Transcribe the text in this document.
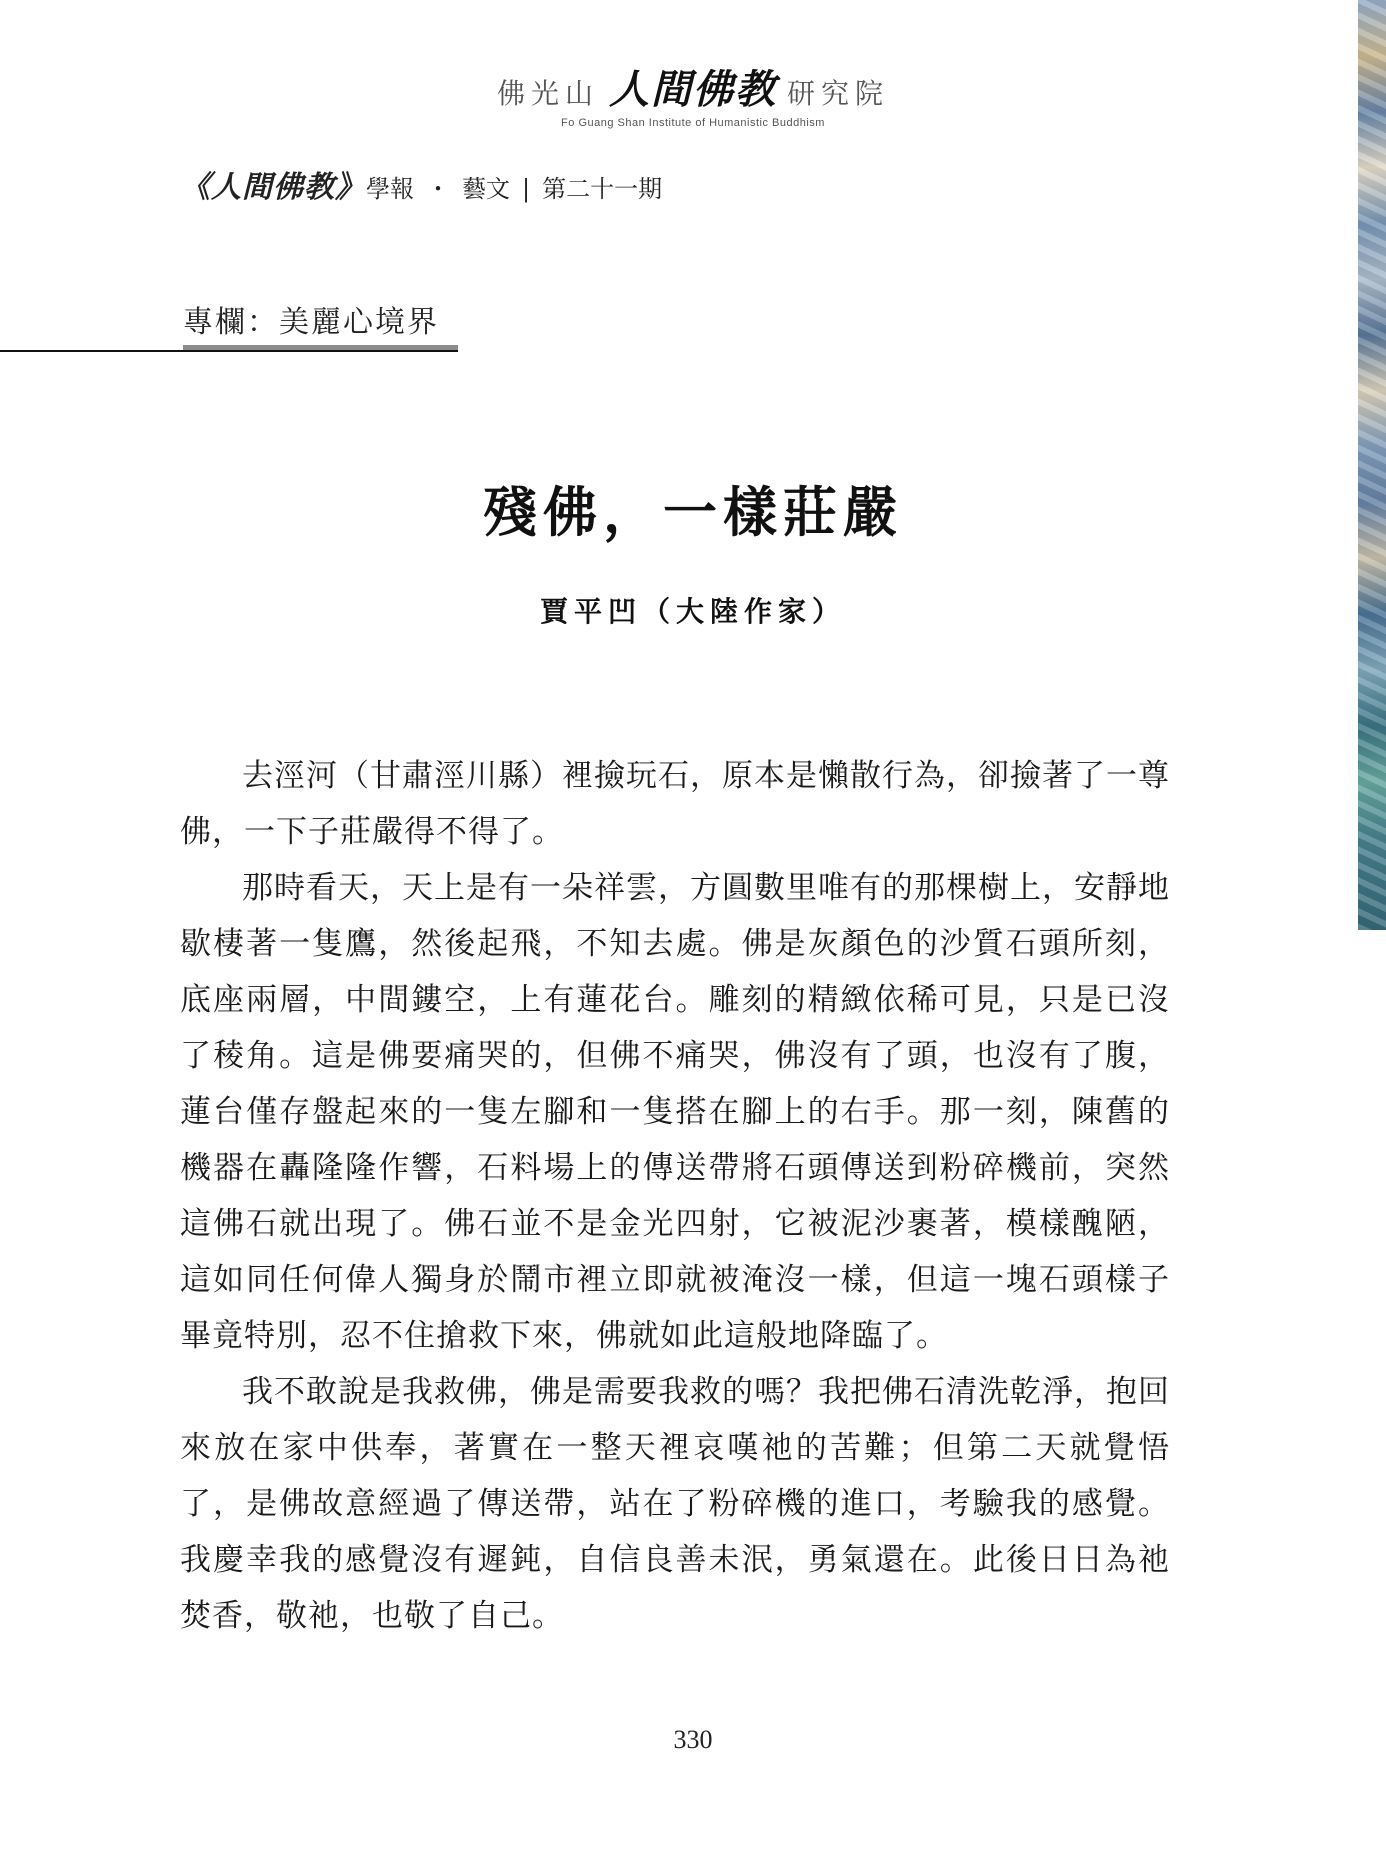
佛光山 人間佛教 研究院
Fo Guang Shan Institute of Humanistic Buddhism
《人間佛教》 學報 ・ 藝文 | 第二十一期
專欄：美麗心境界
殘佛，一樣莊嚴
賈平凹（大陸作家）

去涇河（甘肅涇川縣）裡撿玩石，原本是懶散行為，卻撿著了一尊佛，一下子莊嚴得不得了。

那時看天，天上是有一朵祥雲，方圓數里唯有的那棵樹上，安靜地歇棲著一隻鷹，然後起飛，不知去處。佛是灰顏色的沙質石頭所刻，底座兩層，中間鏤空，上有蓮花台。雕刻的精緻依稀可見，只是已沒了稜角。這是佛要痛哭的，但佛不痛哭，佛沒有了頭，也沒有了腹，蓮台僅存盤起來的一隻左腳和一隻搭在腳上的右手。那一刻，陳舊的機器在轟隆隆作響，石料場上的傳送帶將石頭傳送到粉碎機前，突然這佛石就出現了。佛石並不是金光四射，它被泥沙裹著，模樣醜陋，這如同任何偉人獨身於鬧市裡立即就被淹沒一樣，但這一塊石頭樣子畢竟特別，忍不住搶救下來，佛就如此這般地降臨了。

我不敢說是我救佛，佛是需要我救的嗎？我把佛石清洗乾淨，抱回來放在家中供奉，著實在一整天裡哀嘆祂的苦難；但第二天就覺悟了，是佛故意經過了傳送帶，站在了粉碎機的進口，考驗我的感覺。我慶幸我的感覺沒有遲鈍，自信良善未泯，勇氣還在。此後日日為祂焚香，敬祂，也敬了自己。

330
